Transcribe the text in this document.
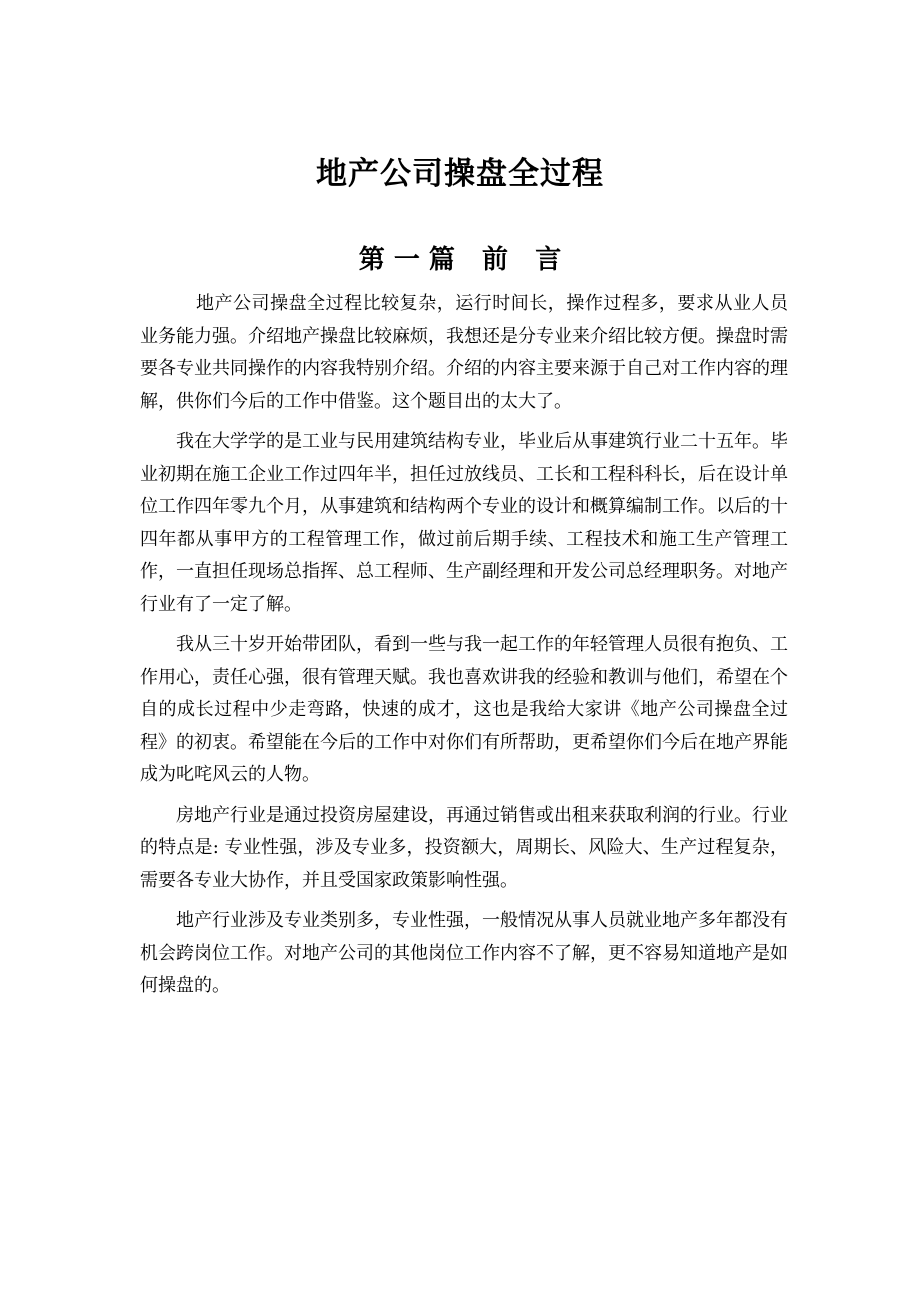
地产公司操盘全过程
第 一 篇   前   言

地产公司操盘全过程比较复杂，运行时间长，操作过程多，要求从业人员业务能力强。介绍地产操盘比较麻烦，我想还是分专业来介绍比较方便。操盘时需要各专业共同操作的内容我特别介绍。介绍的内容主要来源于自己对工作内容的理解，供你们今后的工作中借鉴。这个题目出的太大了。

我在大学学的是工业与民用建筑结构专业，毕业后从事建筑行业二十五年。毕业初期在施工企业工作过四年半，担任过放线员、工长和工程科科长，后在设计单位工作四年零九个月，从事建筑和结构两个专业的设计和概算编制工作。以后的十四年都从事甲方的工程管理工作，做过前后期手续、工程技术和施工生产管理工作，一直担任现场总指挥、总工程师、生产副经理和开发公司总经理职务。对地产行业有了一定了解。

我从三十岁开始带团队，看到一些与我一起工作的年轻管理人员很有抱负、工作用心，责任心强，很有管理天赋。我也喜欢讲我的经验和教训与他们，希望在个自的成长过程中少走弯路，快速的成才，这也是我给大家讲《地产公司操盘全过程》的初衷。希望能在今后的工作中对你们有所帮助，更希望你们今后在地产界能成为叱咤风云的人物。

房地产行业是通过投资房屋建设，再通过销售或出租来获取利润的行业。行业的特点是: 专业性强，涉及专业多，投资额大，周期长、风险大、生产过程复杂，需要各专业大协作，并且受国家政策影响性强。

地产行业涉及专业类别多，专业性强，一般情况从事人员就业地产多年都没有机会跨岗位工作。对地产公司的其他岗位工作内容不了解，更不容易知道地产是如何操盘的。
